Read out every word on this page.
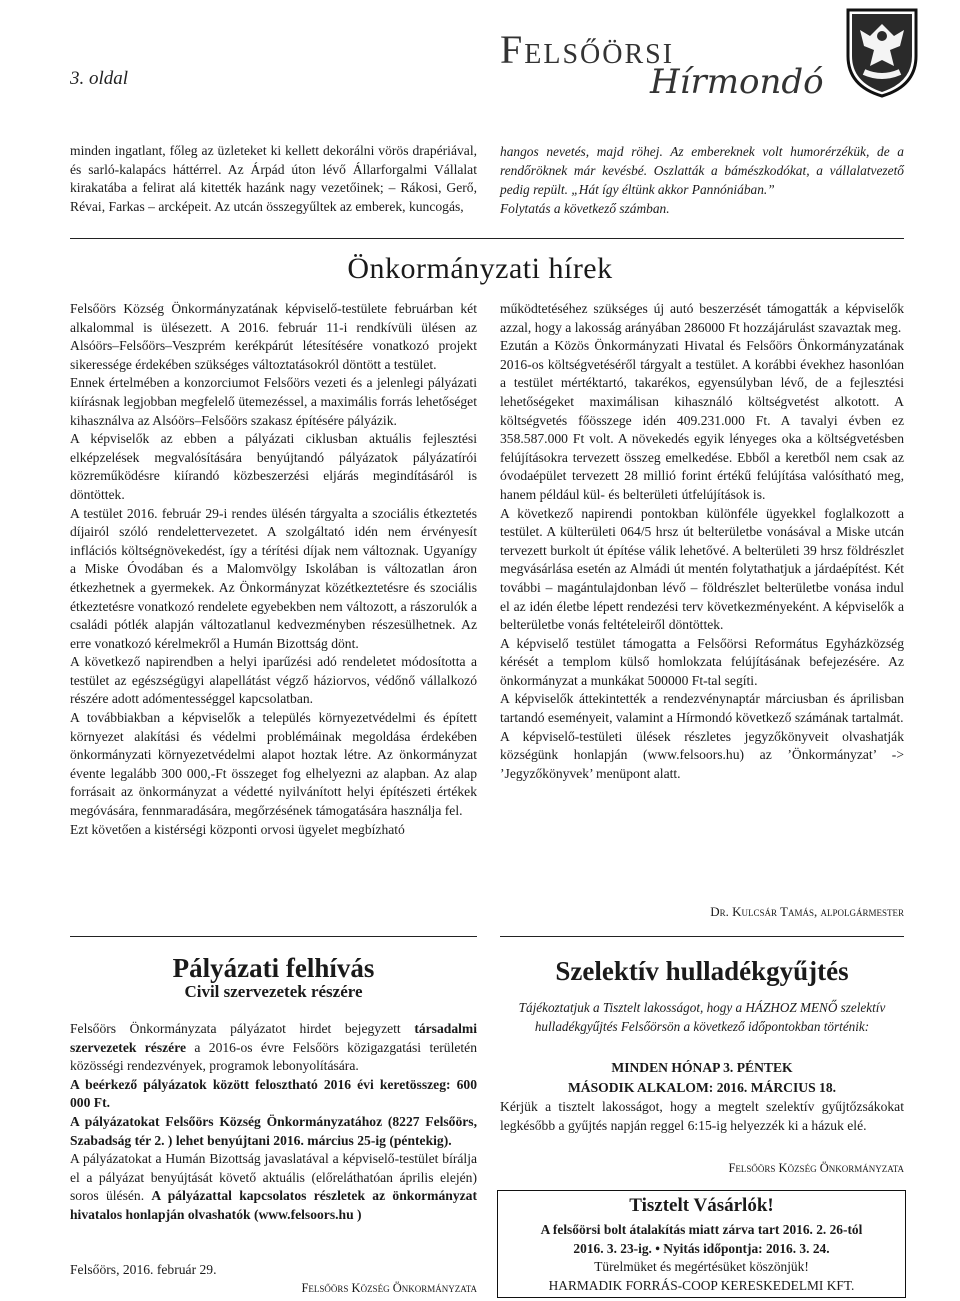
3. oldal
Felsőörsi
Hírmondó
minden ingatlant, főleg az üzleteket ki kellett dekorálni vörös drapériával, és sarló-kalapács háttérrel. Az Árpád úton lévő Állarforgalmi Vállalat kirakatába a felirat alá kitették hazánk nagy vezetőinek; – Rákosi, Gerő, Révai, Farkas – arcképeit. Az utcán összegyűltek az emberek, kuncogás,
hangos nevetés, majd röhej. Az embereknek volt humorérzékük, de a rendőröknek már kevésbé. Oszlatták a bámészkodókat, a vállalatvezető pedig repült. „Hát így éltünk akkor Pannóniában.”
Folytatás a következő számban.
Önkormányzati hírek

Felsőörs Község Önkormányzatának képviselő-testülete februárban két alkalommal is ülésezett. A 2016. február 11-i rendkívüli ülésen az Alsóörs–Felsőörs–Veszprém kerékpárút létesítésére vonatkozó projekt sikeressége érdekében szükséges változtatásokról döntött a testület.

Ennek értelmében a konzorciumot Felsőörs vezeti és a jelenlegi pályázati kiírásnak legjobban megfelelő ütemezéssel, a maximális forrás lehetőséget kihasználva az Alsóörs–Felsőörs szakasz építésére pályázik.

A képviselők az ebben a pályázati ciklusban aktuális fejlesztési elképzelések megvalósítására benyújtandó pályázatok pályázatírói közreműködésre kiírandó közbeszerzési eljárás megindításáról is döntöttek.

A testület 2016. február 29-i rendes ülésén tárgyalta a szociális étkeztetés díjairól szóló rendelettervezetet. A szolgáltató idén nem érvényesít inflációs költségnövekedést, így a térítési díjak nem változnak. Ugyanígy a Miske Óvodában és a Malomvölgy Iskolában is változatlan áron étkezhetnek a gyermekek. Az Önkormányzat közétkeztetésre és szociális étkeztetésre vonatkozó rendelete egyebekben nem változott, a rászorulók a családi pótlék alapján változatlanul kedvezményben részesülhetnek. Az erre vonatkozó kérelmekről a Humán Bizottság dönt.

A következő napirendben a helyi iparűzési adó rendeletet módosította a testület az egészségügyi alapellátást végző háziorvos, védőnő vállalkozó részére adott adómentességgel kapcsolatban.

A továbbiakban a képviselők a település környezetvédelmi és épített környezet alakítási és védelmi problémáinak megoldása érdekében önkormányzati környezetvédelmi alapot hoztak létre. Az önkormányzat évente legalább 300 000,-Ft összeget fog elhelyezni az alapban. Az alap forrásait az önkormányzat a védetté nyilvánított helyi építészeti értékek megóvására, fennmaradására, megőrzésének támogatására használja fel.

Ezt követően a kistérségi központi orvosi ügyelet megbízható

működtetéséhez szükséges új autó beszerzését támogatták a képviselők azzal, hogy a lakosság arányában 286000 Ft hozzájárulást szavaztak meg.

Ezután a Közös Önkormányzati Hivatal és Felsőörs Önkormányzatának 2016-os költségvetéséről tárgyalt a testület. A korábbi évekhez hasonlóan a testület mértéktartó, takarékos, egyensúlyban lévő, de a fejlesztési lehetőségeket maximálisan kihasználó költségvetést alkotott. A költségvetés főösszege idén 409.231.000 Ft. A tavalyi évben ez 358.587.000 Ft volt. A növekedés egyik lényeges oka a költségvetésben felújításokra tervezett összeg emelkedése. Ebből a keretből nem csak az óvodaépület tervezett 28 millió forint értékű felújítása valósítható meg, hanem például kül- és belterületi útfelújítások is.

A következő napirendi pontokban különféle ügyekkel foglalkozott a testület. A külterületi 064/5 hrsz út belterületbe vonásával a Miske utcán tervezett burkolt út építése válik lehetővé. A belterületi 39 hrsz földrészlet megvásárlása esetén az Almádi út mentén folytathatjuk a járdaépítést. Két további – magántulajdonban lévő – földrészlet belterületbe vonása indul el az idén életbe lépett rendezési terv következményeként. A képviselők a belterületbe vonás feltételeiről döntöttek.

A képviselő testület támogatta a Felsőörsi Református Egyházközség kérését a templom külső homlokzata felújításának befejezésére. Az önkormányzat a munkákat 500000 Ft-tal segíti.

A képviselők áttekintették a rendezvénynaptár márciusban és áprilisban tartandó eseményeit, valamint a Hírmondó következő számának tartalmát.

A képviselő-testületi ülések részletes jegyzőkönyveit olvashatják községünk honlapján (www.felsoors.hu) az ’Önkormányzat’ -> ’Jegyzőkönyvek’ menüpont alatt.

Dr. Kulcsár Tamás, alpolgármester
Pályázati felhívás
Civil szervezetek részére

Felsőörs Önkormányzata pályázatot hirdet bejegyzett társadalmi szervezetek részére a 2016-os évre Felsőörs közigazgatási területén közösségi rendezvények, programok lebonyolítására.

A beérkező pályázatok között felosztható 2016 évi keretösszeg: 600 000 Ft.

A pályázatokat Felsőörs Község Önkormányzatához (8227 Felsőörs, Szabadság tér 2. ) lehet benyújtani 2016. március 25-ig (péntekig).

A pályázatokat a Humán Bizottság javaslatával a képviselő-testület bírálja el a pályázat benyújtását követő aktuális (előreláthatóan április elején) soros ülésén. A pályázattal kapcsolatos részletek az önkormányzat hivatalos honlapján olvashatók (www.felsoors.hu )

Felsőörs, 2016. február 29.
Felsőörs Község Önkormányzata
Szelektív hulladékgyűjtés
Tájékoztatjuk a Tisztelt lakosságot, hogy a HÁZHOZ MENŐ szelektív hulladékgyűjtés Felsőörsön a következő időpontokban történik:
MINDEN HÓNAP 3. PÉNTEK
MÁSODIK ALKALOM: 2016. MÁRCIUS 18.
Kérjük a tisztelt lakosságot, hogy a megtelt szelektív gyűjtőzsákokat legkésőbb a gyűjtés napján reggel 6:15-ig helyezzék ki a házuk elé.
Felsőörs Község Önkormányzata
Tisztelt Vásárlók!
A felsőörsi bolt átalakítás miatt zárva tart 2016. 2. 26-tól
2016. 3. 23-ig. • Nyitás időpontja: 2016. 3. 24.
Türelmüket és megértésüket köszönjük!
HARMADIK FORRÁS-COOP KERESKEDELMI KFT.
